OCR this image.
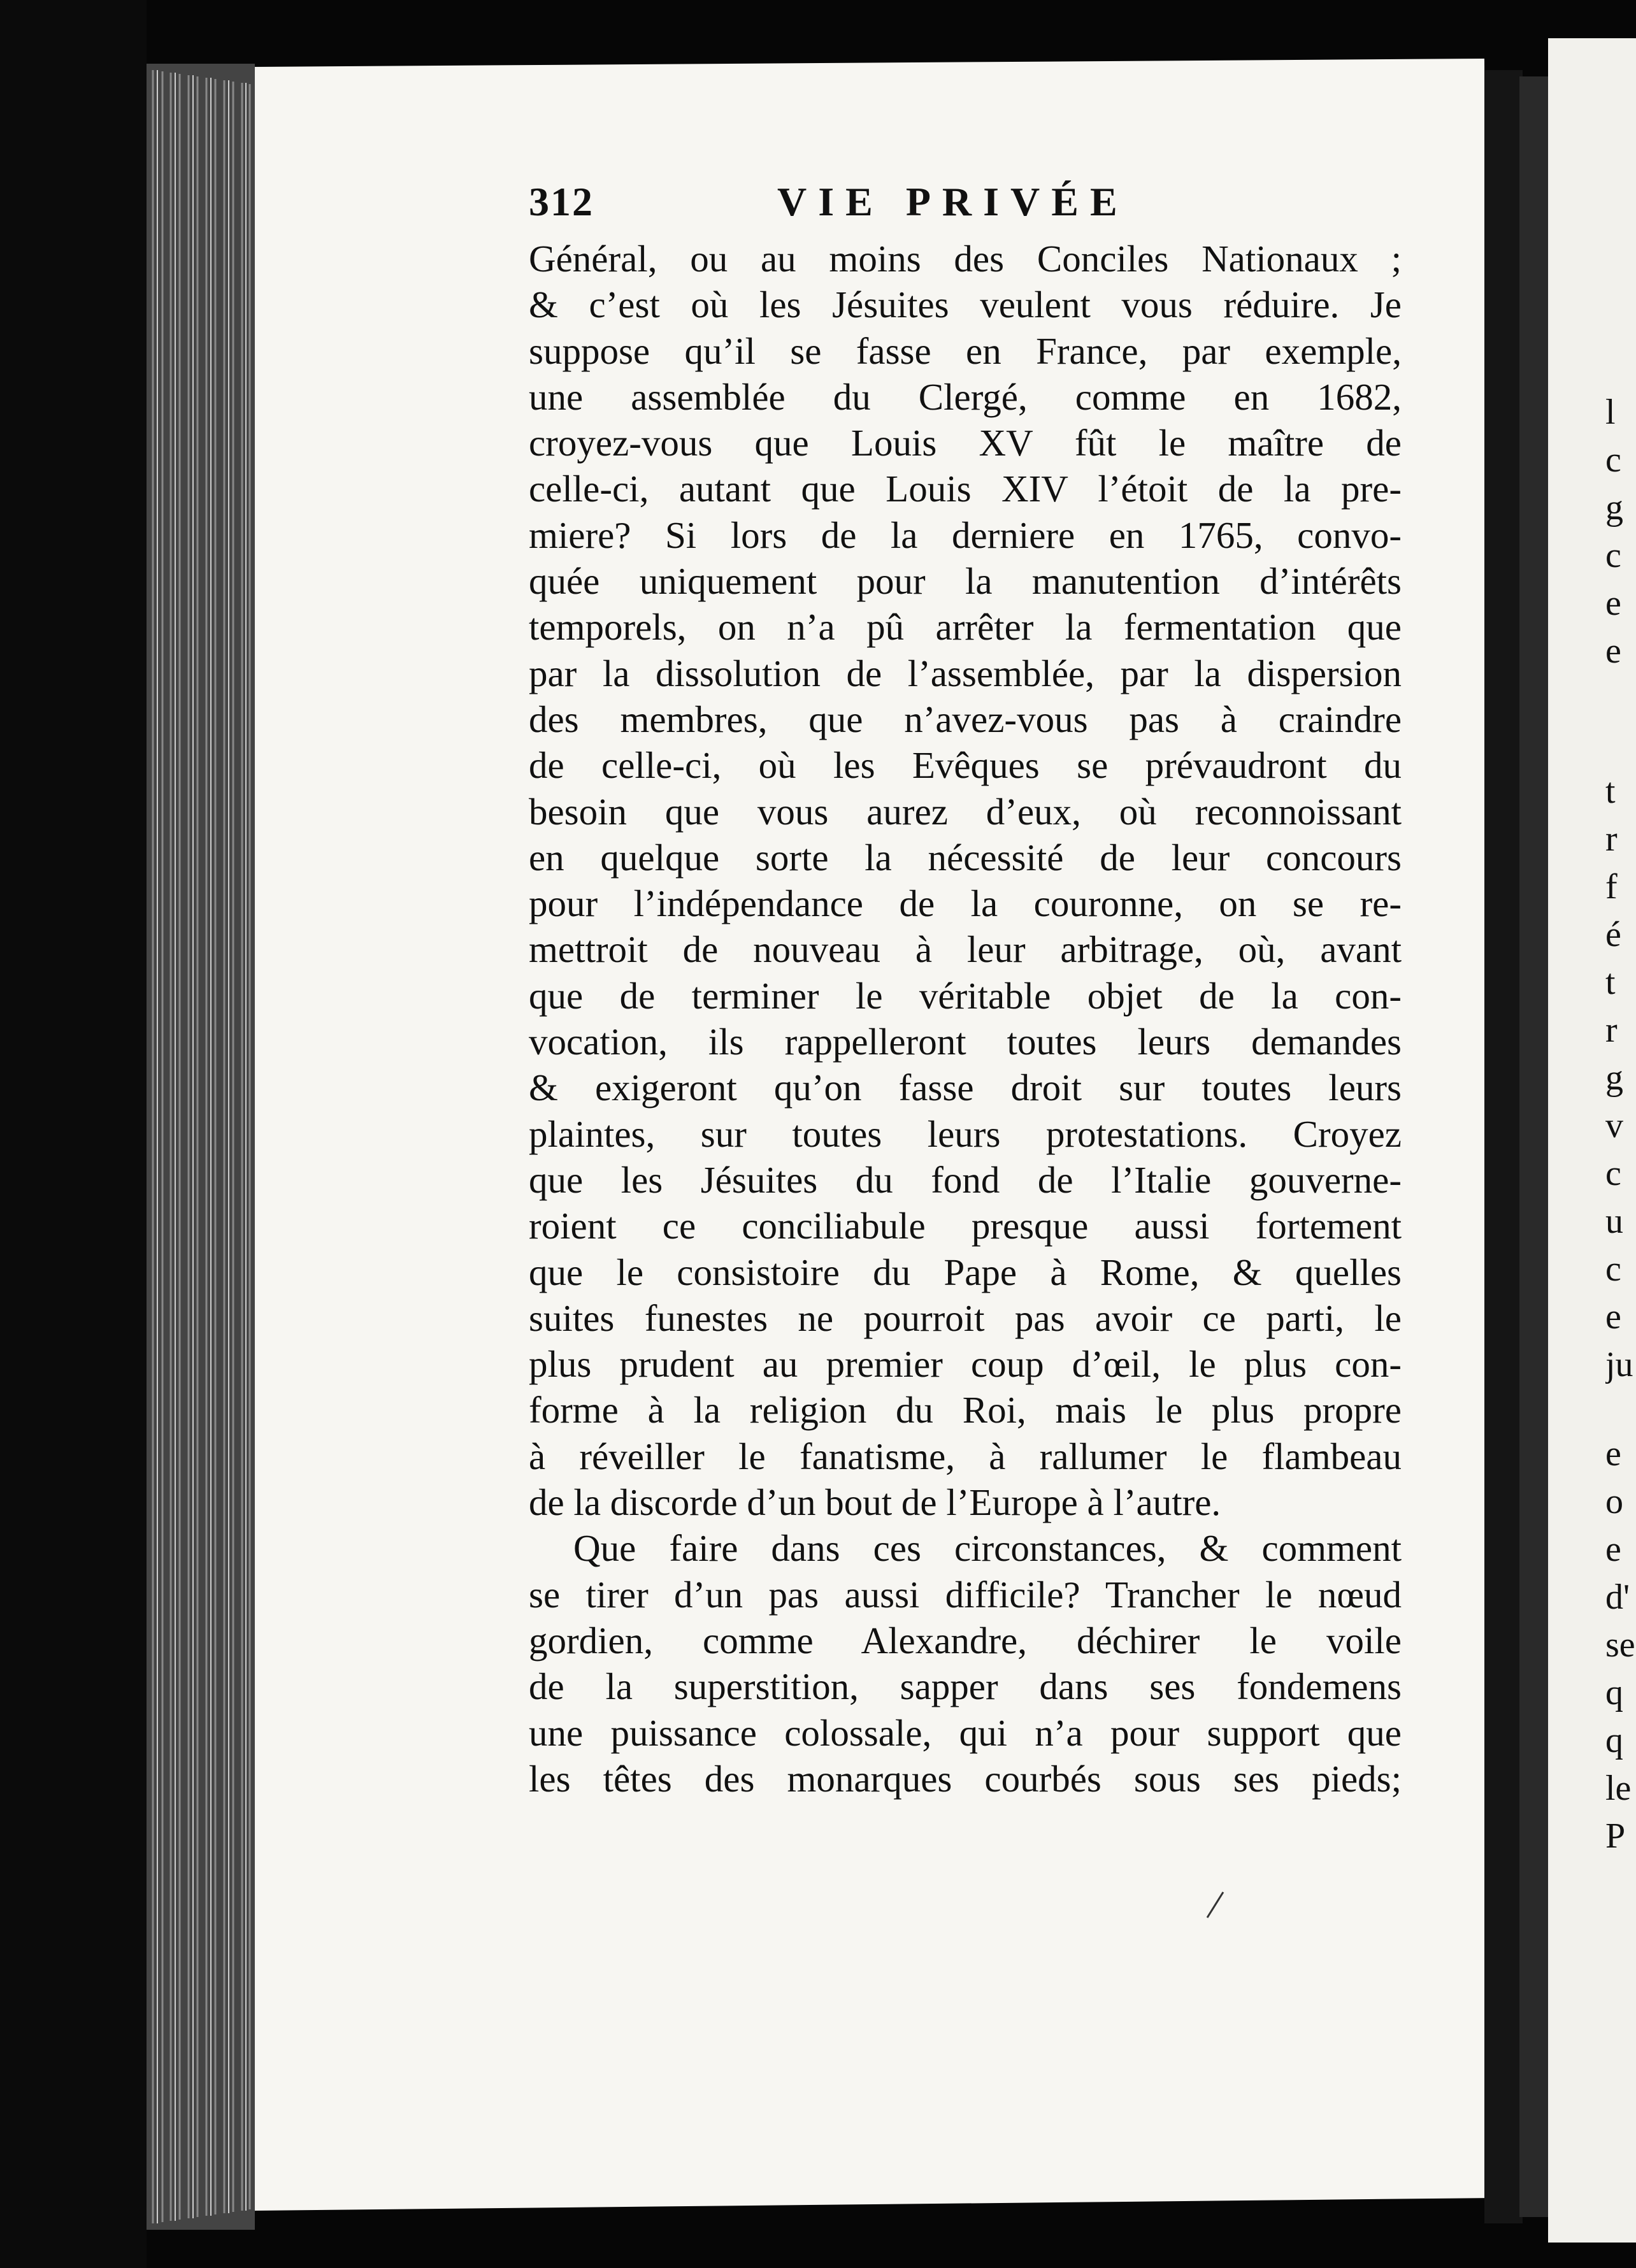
312	VIE PRIVÉE
Général, ou au moins des Conciles Nationaux ;
& c’est où les Jésuites veulent vous réduire. Je
suppose qu’il se fasse en France, par exemple,
une assemblée du Clergé, comme en 1682,
croyez-vous que Louis XV fût le maître de
celle-ci, autant que Louis XIV l’étoit de la pre-
miere? Si lors de la derniere en 1765, convo-
quée uniquement pour la manutention d’intérêts
temporels, on n’a pû arrêter la fermentation que
par la dissolution de l’assemblée, par la dispersion
des membres, que n’avez-vous pas à craindre
de celle-ci, où les Evêques se prévaudront du
besoin que vous aurez d’eux, où reconnoissant
en quelque sorte la nécessité de leur concours
pour l’indépendance de la couronne, on se re-
mettroit de nouveau à leur arbitrage, où, avant
que de terminer le véritable objet de la con-
vocation, ils rappelleront toutes leurs demandes
& exigeront qu’on fasse droit sur toutes leurs
plaintes, sur toutes leurs protestations. Croyez
que les Jésuites du fond de l’Italie gouverne-
roient ce conciliabule presque aussi fortement
que le consistoire du Pape à Rome, & quelles
suites funestes ne pourroit pas avoir ce parti, le
plus prudent au premier coup d’œil, le plus con-
forme à la religion du Roi, mais le plus propre
à réveiller le fanatisme, à rallumer le flambeau
de la discorde d’un bout de l’Europe à l’autre.
Que faire dans ces circonstances, & comment
se tirer d’un pas aussi difficile? Trancher le nœud
gordien, comme Alexandre, déchirer le voile
de la superstition, sapper dans ses fondemens
une puissance colossale, qui n’a pour support que
les têtes des monarques courbés sous ses pieds;
l
c
g
c
e
e
t
r
f
é
t
r
g
v
c
u
c
e
ju
e
o
e
d'
se
q
q
le
P
